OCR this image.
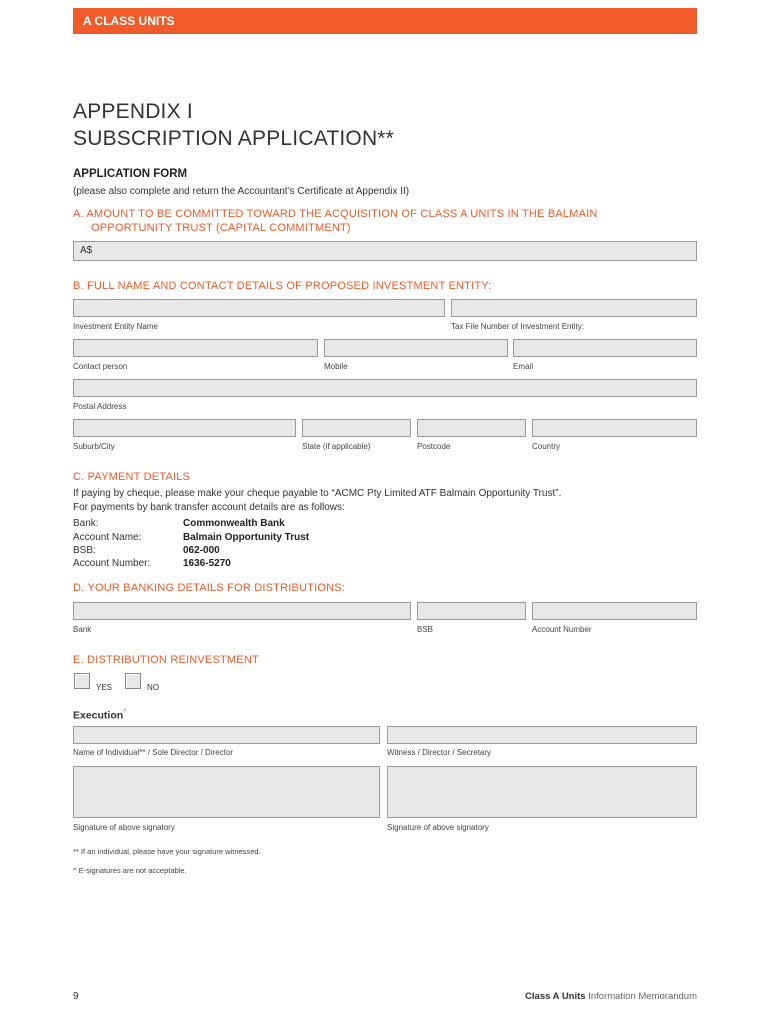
A CLASS UNITS
APPENDIX I
SUBSCRIPTION APPLICATION**
APPLICATION FORM
(please also complete and return the Accountant’s Certificate at Appendix II)
A. AMOUNT TO BE COMMITTED TOWARD THE ACQUISITION OF CLASS A UNITS IN THE BALMAIN
OPPORTUNITY TRUST (CAPITAL COMMITMENT)
A$
B. FULL NAME AND CONTACT DETAILS OF PROPOSED INVESTMENT ENTITY:
Investment Entity Name	Tax File Number of Investment Entity:
Contact person	Mobile	Email
Postal Address
Suburb/City	State (if applicable)	Postcode	Country
C. PAYMENT DETAILS
If paying by cheque, please make your cheque payable to “ACMC Pty Limited ATF Balmain Opportunity Trust”.
For payments by bank transfer account details are as follows:
Bank:	Commonwealth Bank
Account Name:	Balmain Opportunity Trust
BSB:	062-000
Account Number:	1636-5270
D. YOUR BANKING DETAILS FOR DISTRIBUTIONS:
Bank	BSB	Account Number
E. DISTRIBUTION REINVESTMENT
YES	NO
Execution^
Name of Individual** / Sole Director / Director	Witness / Director / Secretary
Signature of above signatory	Signature of above signatory
** If an individual, please have your signature witnessed.
^ E-signatures are not acceptable.
9	Class A Units Information Memorandum
